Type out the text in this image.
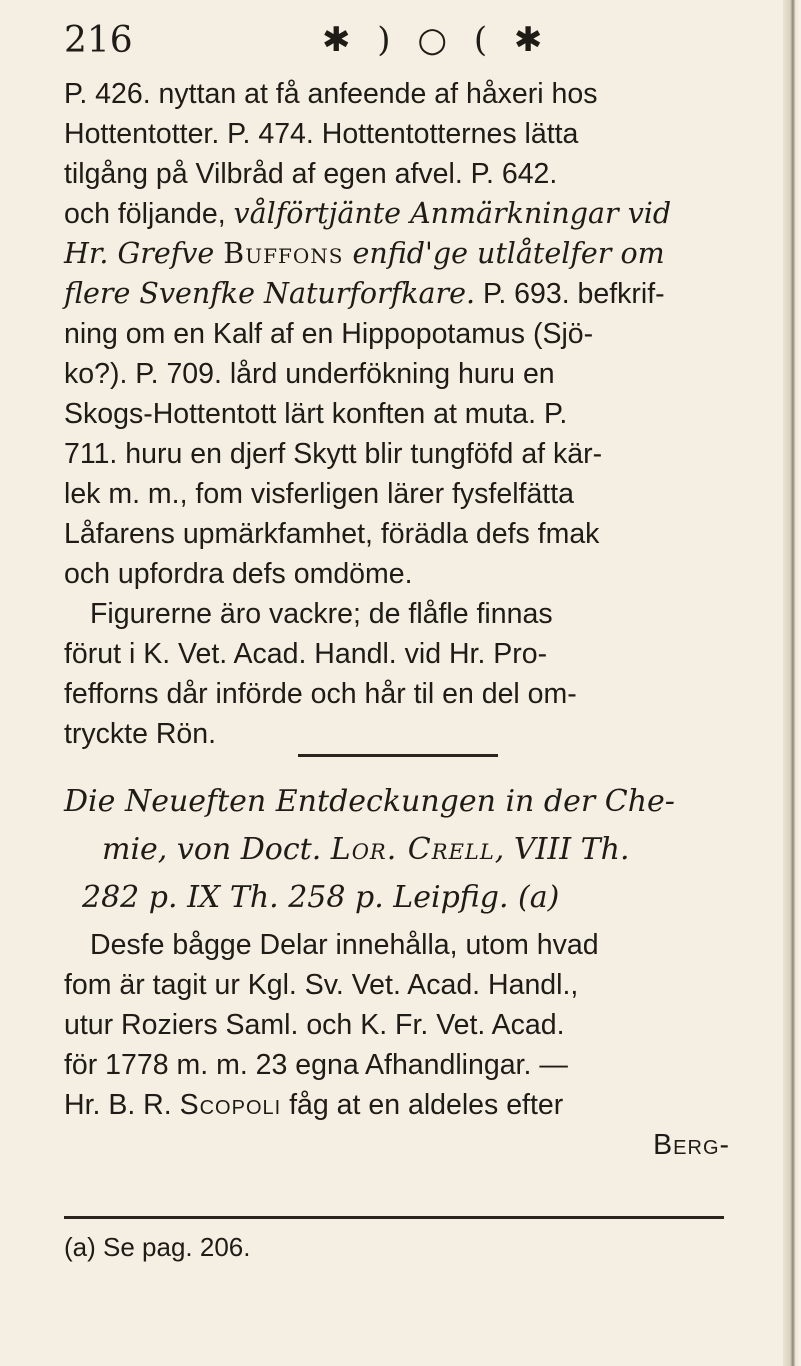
216	✱ ) ○ ( ✱
P. 426. nyttan at få anfeende af håxeri hos
Hottentotter. P. 474. Hottentotternes lätta
tilgång på Vilbråd af egen afvel. P. 642.
och följande, vålförtjänte Anmärkningar vid
Hr. Grefve Buffons enfid'ge utlåtelfer om
flere Svenfke Naturforfkare. P. 693. befkrif-
ning om en Kalf af en Hippopotamus (Sjö-
ko?). P. 709. lård underfökning huru en
Skogs-Hottentott lärt konften at muta. P.
711. huru en djerf Skytt blir tungföfd af kär-
lek m. m., fom visferligen lärer fysfelfätta
Låfarens upmärkfamhet, förädla defs fmak
och upfordra defs omdöme.
Figurerne äro vackre; de flåfle finnas
förut i K. Vet. Acad. Handl. vid Hr. Pro-
fefforns dår införde och hår til en del om-
tryckte Rön.
Die Neueften Entdeckungen in der Che-
mie, von Doct. Lor. Crell, VIII Th.
282 p. IX Th. 258 p. Leipfig. (a)
Desfe bågge Delar innehålla, utom hvad
fom är tagit ur Kgl. Sv. Vet. Acad. Handl.,
utur Roziers Saml. och K. Fr. Vet. Acad.
för 1778 m. m. 23 egna Afhandlingar. —
Hr. B. R. Scopoli fåg at en aldeles efter
Berg-
(a) Se pag. 206.
